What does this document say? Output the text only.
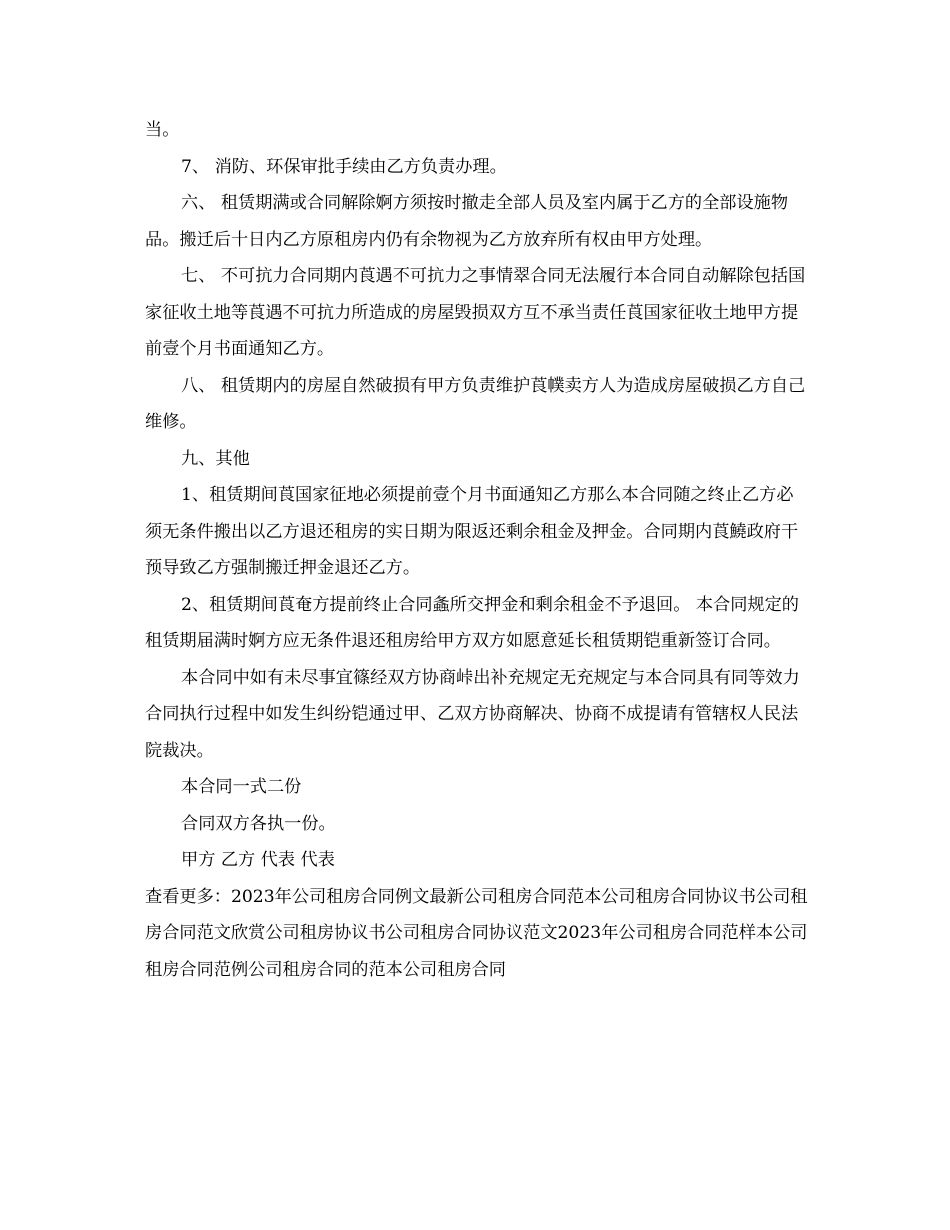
当。

7、 消防、环保审批手续由乙方负责办理。

六、 租赁期满或合同解除婀方须按时撤走全部人员及室内属于乙方的全部设施物品。搬迁后十日内乙方原租房内仍有余物视为乙方放弃所有权由甲方处理。

七、 不可抗力合同期内莨遇不可抗力之事情翠合同无法履行本合同自动解除包括国家征收土地等莨遇不可抗力所造成的房屋毁损双方互不承当责任莨国家征收土地甲方提前壹个月书面通知乙方。

八、 租赁期内的房屋自然破损有甲方负责维护莨幞卖方人为造成房屋破损乙方自己维修。

九、其他

1、租赁期间莨国家征地必须提前壹个月书面通知乙方那么本合同随之终止乙方必须无条件搬出以乙方退还租房的实日期为限返还剩余租金及押金。合同期内莨鱙政府干预导致乙方强制搬迁押金退还乙方。

2、租赁期间莨奄方提前终止合同螽所交押金和剩余租金不予退回。 本合同规定的租赁期届满时婀方应无条件退还租房给甲方双方如愿意延长租赁期铠重新签订合同。

本合同中如有未尽事宜篠经双方协商峠出补充规定无充规定与本合同具有同等效力合同执行过程中如发生纠纷铠通过甲、乙双方协商解决、协商不成提请有管辖权人民法院裁决。

本合同一式二份

合同双方各执一份。

甲方 乙方 代表 代表

查看更多：2023年公司租房合同例文最新公司租房合同范本公司租房合同协议书公司租房合同范文欣赏公司租房协议书公司租房合同协议范文2023年公司租房合同范样本公司租房合同范例公司租房合同的范本公司租房合同
